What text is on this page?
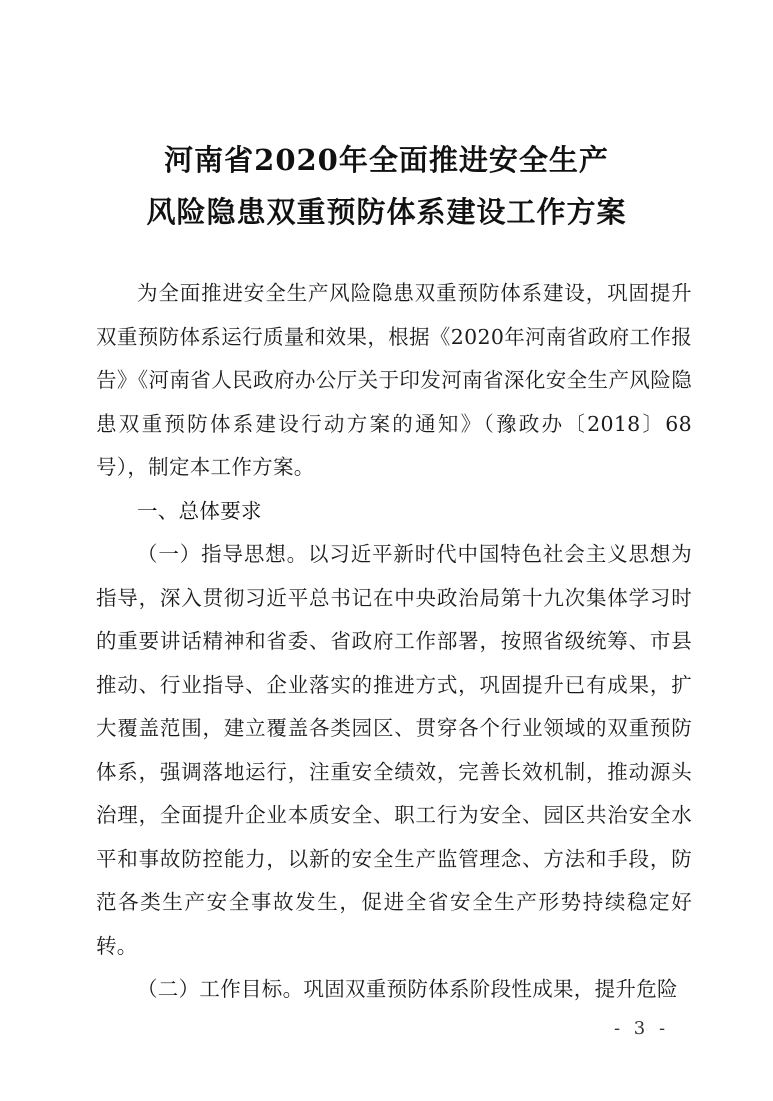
河南省2020年全面推进安全生产
风险隐患双重预防体系建设工作方案

为全面推进安全生产风险隐患双重预防体系建设，巩固提升双重预防体系运行质量和效果，根据《2020年河南省政府工作报告》《河南省人民政府办公厅关于印发河南省深化安全生产风险隐患双重预防体系建设行动方案的通知》（豫政办〔2018〕68号），制定本工作方案。

一、总体要求

（一）指导思想。以习近平新时代中国特色社会主义思想为指导，深入贯彻习近平总书记在中央政治局第十九次集体学习时的重要讲话精神和省委、省政府工作部署，按照省级统筹、市县推动、行业指导、企业落实的推进方式，巩固提升已有成果，扩大覆盖范围，建立覆盖各类园区、贯穿各个行业领域的双重预防体系，强调落地运行，注重安全绩效，完善长效机制，推动源头治理，全面提升企业本质安全、职工行为安全、园区共治安全水平和事故防控能力，以新的安全生产监管理念、方法和手段，防范各类生产安全事故发生，促进全省安全生产形势持续稳定好转。

（二）工作目标。巩固双重预防体系阶段性成果，提升危险

- 3 -
